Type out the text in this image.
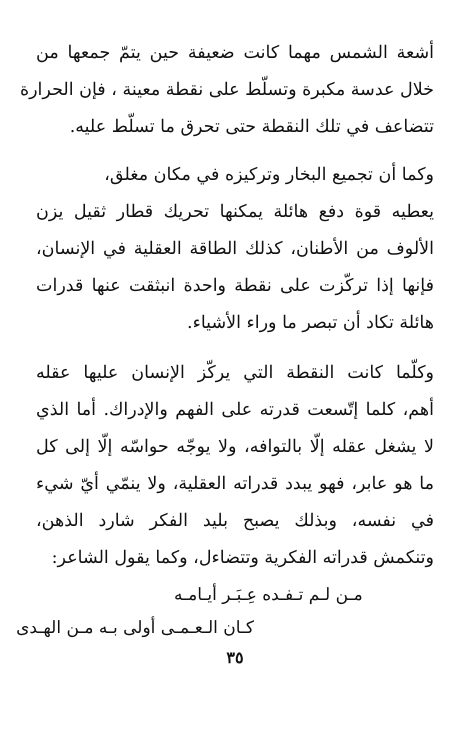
أشعة الشمس مهما كانت ضعيفة حين يتمّ جمعها من
خلال عدسة مكبرة وتسلّط على نقطة معينة ، فإن الحرارة
تتضاعف في تلك النقطة حتى تحرق ما تسلّط عليه.
وكما أن تجميع البخار وتركيزه في مكان مغلق،
يعطيه قوة دفع هائلة يمكنها تحريك قطار ثقيل يزن
الألوف من الأطنان، كذلك الطاقة العقلية في الإنسان،
فإنها إذا تركّزت على نقطة واحدة انبثقت عنها قدرات
هائلة تكاد أن تبصر ما وراء الأشياء.
وكلّما كانت النقطة التي يركّز الإنسان عليها عقله
أهم، كلما إتّسعت قدرته على الفهم والإدراك. أما الذي
لا يشغل عقله إلّا بالتوافه، ولا يوجّه حواسّه إلّا إلى كل
ما هو عابر، فهو يبدد قدراته العقلية، ولا ينمّي أيّ شيء
في نفسه، وبذلك يصبح بليد الفكر شارد الذهن،
وتنكمش قدراته الفكرية وتتضاءل، وكما يقول الشاعر:
مـن لـم تـفـده عِـبَـر أيـامـه
كـان الـعـمـى أولى بـه مـن الهـدى
٣٥
